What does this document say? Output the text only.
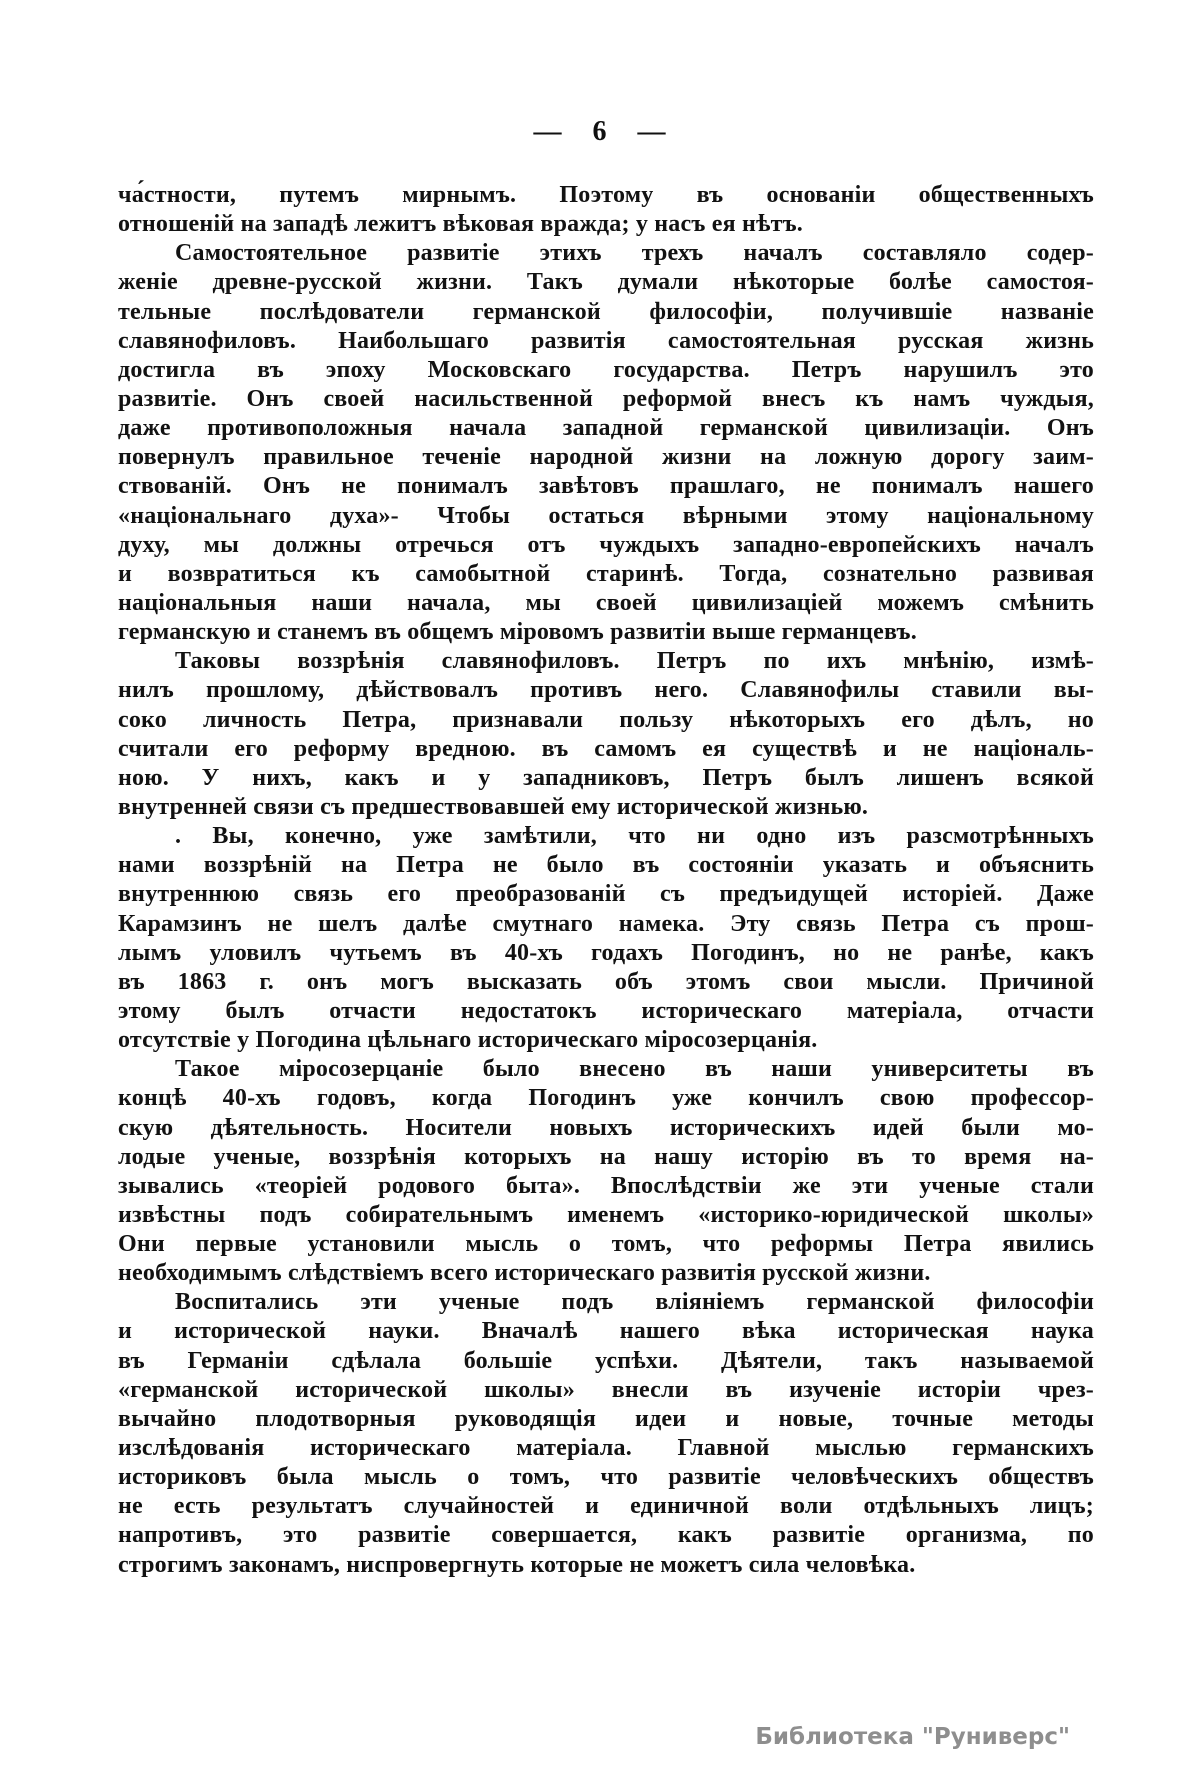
— 6 —
ча́стности, путемъ мирнымъ. Поэтому въ основаніи общественныхъ
отношеній на западѣ лежитъ вѣковая вражда; у насъ ея нѣтъ.
Самостоятельное развитіе этихъ трехъ началъ составляло содер-
женіе древне-русской жизни. Такъ думали нѣкоторые болѣе самостоя-
тельные послѣдователи германской философіи, получившіе названіе
славянофиловъ. Наибольшаго развитія самостоятельная русская жизнь
достигла въ эпоху Московскаго государства. Петръ нарушилъ это
развитіе. Онъ своей насильственной реформой внесъ къ намъ чуждыя,
даже противоположныя начала западной германской цивилизаціи. Онъ
повернулъ правильное теченіе народной жизни на ложную дорогу заим-
ствованій. Онъ не понималъ завѣтовъ прашлаго, не понималъ нашего
«національнаго духа»- Чтобы остаться вѣрными этому національному
духу, мы должны отречься отъ чуждыхъ западно-европейскихъ началъ
и возвратиться къ самобытной старинѣ. Тогда, сознательно развивая
національныя наши начала, мы своей цивилизаціей можемъ смѣнить
германскую и станемъ въ общемъ міровомъ развитіи выше германцевъ.
Таковы воззрѣнія славянофиловъ. Петръ по ихъ мнѣнію, измѣ-
нилъ прошлому, дѣйствовалъ противъ него. Славянофилы ставили вы-
соко личность Петра, признавали пользу нѣкоторыхъ его дѣлъ, но
считали его реформу вредною. въ самомъ ея существѣ и не національ-
ною. У нихъ, какъ и у западниковъ, Петръ былъ лишенъ всякой
внутренней связи съ предшествовавшей ему исторической жизнью.
. Вы, конечно, уже замѣтили, что ни одно изъ разсмотрѣнныхъ
нами воззрѣній на Петра не было въ состояніи указать и объяснить
внутреннюю связь его преобразованій съ предъидущей исторіей. Даже
Карамзинъ не шелъ далѣе смутнаго намека. Эту связь Петра съ прош-
лымъ уловилъ чутьемъ въ 40-хъ годахъ Погодинъ, но не ранѣе, какъ
въ 1863 г. онъ могъ высказать объ этомъ свои мысли. Причиной
этому былъ отчасти недостатокъ историческаго матеріала, отчасти
отсутствіе у Погодина цѣльнаго историческаго міросозерцанія.
Такое міросозерцаніе было внесено въ наши университеты въ
концѣ 40-хъ годовъ, когда Погодинъ уже кончилъ свою профессор-
скую дѣятельность. Носители новыхъ историческихъ идей были мо-
лодые ученые, воззрѣнія которыхъ на нашу исторію въ то время на-
зывались «теоріей родового быта». Впослѣдствіи же эти ученые стали
извѣстны подъ собирательнымъ именемъ «историко-юридической школы»
Они первые установили мысль о томъ, что реформы Петра явились
необходимымъ слѣдствіемъ всего историческаго развитія русской жизни.
Воспитались эти ученые подъ вліяніемъ германской философіи
и исторической науки. Вначалѣ нашего вѣка историческая наука
въ Германіи сдѣлала большіе успѣхи. Дѣятели, такъ называемой
«германской исторической школы» внесли въ изученіе исторіи чрез-
вычайно плодотворныя руководящія идеи и новые, точные методы
изслѣдованія историческаго матеріала. Главной мыслью германскихъ
историковъ была мысль о томъ, что развитіе человѣческихъ обществъ
не есть результатъ случайностей и единичной воли отдѣльныхъ лицъ;
напротивъ, это развитіе совершается, какъ развитіе организма, по
строгимъ законамъ, ниспровергнуть которые не можетъ сила человѣка.
Библиотека "Руниверс"
